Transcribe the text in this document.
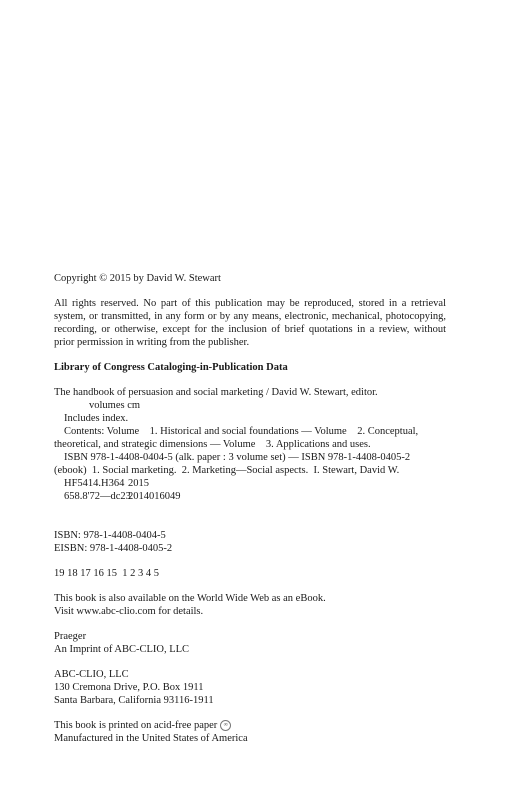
Copyright © 2015 by David W. Stewart
All rights reserved. No part of this publication may be reproduced, stored in a retrieval
system, or transmitted, in any form or by any means, electronic, mechanical, photocopying,
recording, or otherwise, except for the inclusion of brief quotations in a review, without
prior permission in writing from the publisher.
Library of Congress Cataloging-in-Publication Data
The handbook of persuasion and social marketing / David W. Stewart, editor.
volumes cm
Includes index.
Contents: Volume    1. Historical and social foundations — Volume    2. Conceptual,
theoretical, and strategic dimensions — Volume    3. Applications and uses.
ISBN 978-1-4408-0404-5 (alk. paper : 3 volume set) — ISBN 978-1-4408-0405-2
(ebook)  1. Social marketing.  2. Marketing—Social aspects.  I. Stewart, David W.
HF5414.H364 2015
658.8'72—dc232014016049
ISBN: 978-1-4408-0404-5
EISBN: 978-1-4408-0405-2
19 18 17 16 15  1 2 3 4 5
This book is also available on the World Wide Web as an eBook.
Visit www.abc-clio.com for details.
Praeger
An Imprint of ABC-CLIO, LLC
ABC-CLIO, LLC
130 Cremona Drive, P.O. Box 1911
Santa Barbara, California 93116-1911
This book is printed on acid-free paper ∞
Manufactured in the United States of America
